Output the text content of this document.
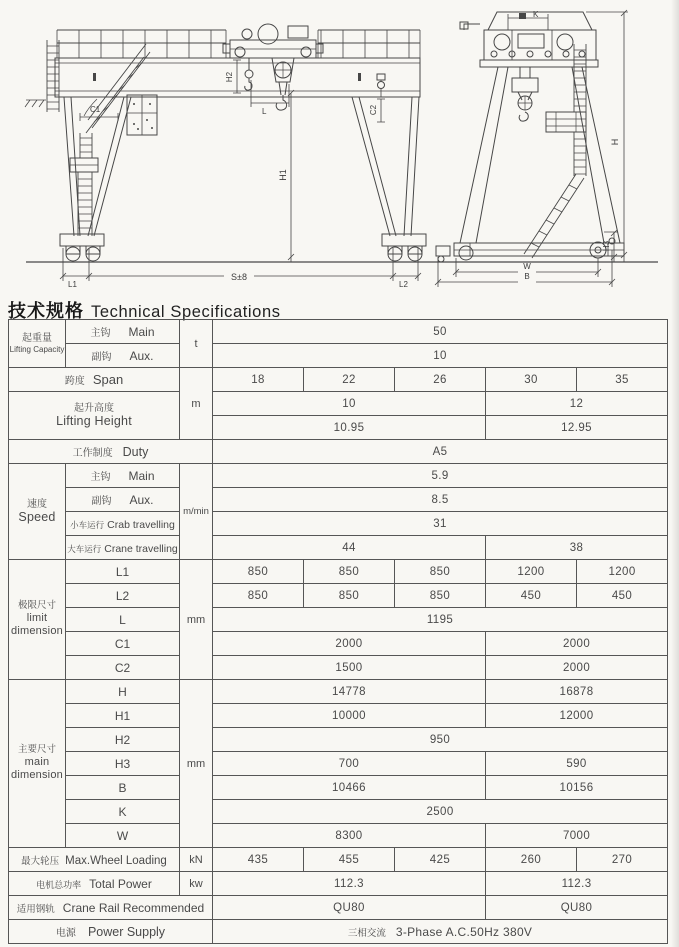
C1	C2
H2
L
H1
L1
S±8
L2
K
H
H3
W
B
技术规格 Technical Specifications
起重量
Lifting Capacity	主钩 Main	t	50				
	副钩 Aux.		10				
跨度 Span		m	18	22	26	30	35

起升高度
Lifting Height			10			12	
			10.95			12.95	
工作制度 Duty			A5				

速度
Speed	主钩 Main	m/min	5.9				
	副钩 Aux.		8.5				
	小车运行 Crab travelling		31				
	大车运行 Crane travelling		44			38	

极限尺寸
limit
dimension	L1	mm	850	850	850	1200	1200
	L2		850	850	850	450	450
	L		1195				
	C1		2000			2000	
	C2		1500			2000	

主要尺寸
main
dimension	H	mm	14778			16878	
	H1		10000			12000	
	H2		950				
	H3		700			590	
	B		10466			10156	
	K		2500				
	W		8300			7000	
最大轮压 Max.Wheel Loading		kN	435	455	425	260	270
电机总功率 Total Power		kw	112.3			112.3	
适用钢轨 Crane Rail Recommended			QU80			QU80	
电源 Power Supply			三相交流 3-Phase A.C.50Hz 380V				
